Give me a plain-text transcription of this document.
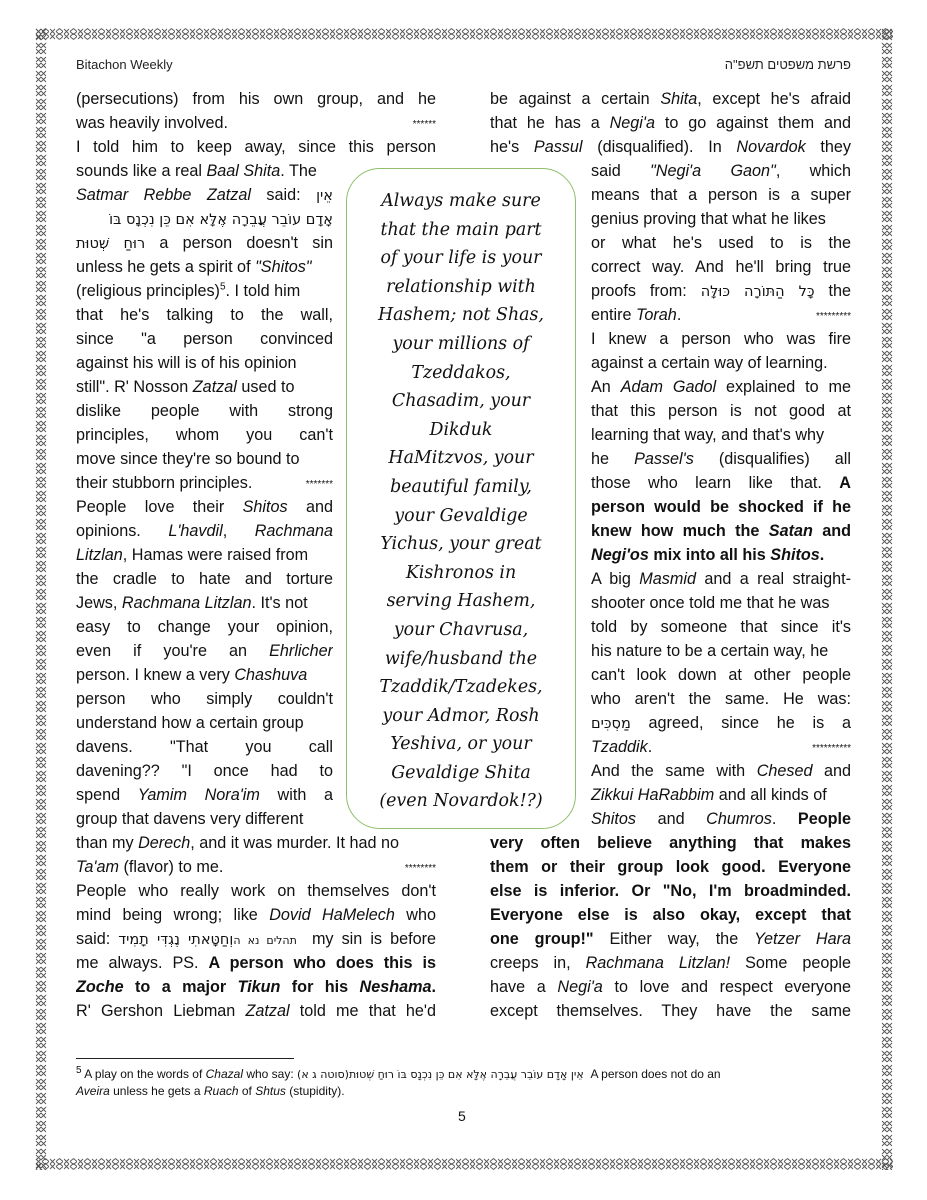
Bitachon Weekly	פרשת משפטים תשפ"ה
(persecutions) from his own group, and he
was heavily involved.	******
I told him to keep away, since this person
sounds like a real Baal Shita. The
Satmar Rebbe Zatzal said: אֵין
אָדָם עוֹבֵר עֲבֵרָה אֶלָּא אִם כֵּן נִכְנָס בּוֹ
רוּחַ שְׁטוּת a person doesn't sin
unless he gets a spirit of "Shitos"
(religious principles)$^5$. I told him
that he's talking to the wall,
since "a person convinced
against his will is of his opinion
still". R' Nosson Zatzal used to
dislike people with strong
principles, whom you can't
move since they're so bound to
their stubborn principles.	*******
People love their Shitos and
opinions. L'havdil, Rachmana
Litzlan, Hamas were raised from
the cradle to hate and torture
Jews, Rachmana Litzlan. It's not
easy to change your opinion,
even if you're an Ehrlicher
person. I knew a very Chashuva
person who simply couldn't
understand how a certain group
davens. "That you call
davening?? "I once had to
spend Yamim Nora'im with a
group that davens very different
than my Derech, and it was murder. It had no
Ta'am (flavor) to me.	********
People who really work on themselves don't
mind being wrong; like Dovid HaMelech who
said: וְחַטָּאתִי נֶגְדִּי תָמִיד תהלים נא ה my sin is before
me always. PS. A person who does this is
Zoche to a major Tikun for his Neshama.
R' Gershon Liebman Zatzal told me that he'd
Always make sure
that the main part
of your life is your
relationship with
Hashem; not Shas,
your millions of
Tzeddakos,
Chasadim, your
Dikduk
HaMitzvos, your
beautiful family,
your Gevaldige
Yichus, your great
Kishronos in
serving Hashem,
your Chavrusa,
wife/husband the
Tzaddik/Tzadekes,
your Admor, Rosh
Yeshiva, or your
Gevaldige Shita
(even Novardok!?)
be against a certain Shita, except he's afraid
that he has a Negi'a to go against them and
he's Passul (disqualified). In Novardok they
said "Negi'a Gaon", which
means that a person is a super
genius proving that what he likes
or what he's used to is the
correct way. And he'll bring true
proofs from: כָּל הַתּוֹרָה כּוּלָּה the
entire Torah.	*********
I knew a person who was fire
against a certain way of learning.
An Adam Gadol explained to me
that this person is not good at
learning that way, and that's why
he Passel's (disqualifies) all
those who learn like that. A
person would be shocked if he
knew how much the Satan and
Negi'os mix into all his Shitos.
A big Masmid and a real straight-
shooter once told me that he was
told by someone that since it's
his nature to be a certain way, he
can't look down at other people
who aren't the same. He was:
מַסְכִּים agreed, since he is a
Tzaddik.	**********
And the same with Chesed and
Zikkui HaRabbim and all kinds of
Shitos and Chumros. People
very often believe anything that makes
them or their group look good. Everyone
else is inferior. Or "No, I'm broadminded.
Everyone else is also okay, except that
one group!" Either way, the Yetzer Hara
creeps in, Rachmana Litzlan! Some people
have a Negi'a to love and respect everyone
except themselves. They have the same
$^5$ A play on the words of Chazal who say: (סוטה ג א) אֵין אָדָם עוֹבֵר עֲבֵרָה אֶלָּא אִם כֵּן נִכְנָס בּוֹ רוּחַ שְׁטוּת A person does not do an
Aveira unless he gets a Ruach of Shtus (stupidity).
5
